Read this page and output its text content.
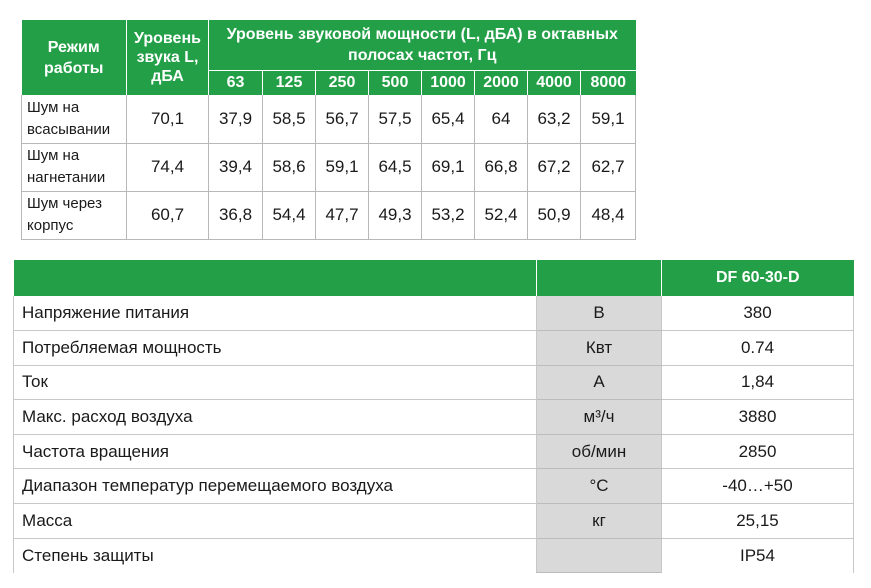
Режим работы	Уровень звука L, дБА	Уровень звуковой мощности (L, дБА) в октавных полосах частот, Гц							
		63	125	250	500	1000	2000	4000	8000
Шум на всасывании	70,1	37,9	58,5	56,7	57,5	65,4	64	63,2	59,1
Шум на нагнетании	74,4	39,4	58,6	59,1	64,5	69,1	66,8	67,2	62,7
Шум через корпус	60,7	36,8	54,4	47,7	49,3	53,2	52,4	50,9	48,4
		DF 60-30-D
Напряжение питания	В	380
Потребляемая мощность	Квт	0.74
Ток	А	1,84
Макс. расход воздуха	м³/ч	3880
Частота вращения	об/мин	2850
Диапазон температур перемещаемого воздуха	°С	-40…+50
Масса	кг	25,15
Степень защиты		IP54
